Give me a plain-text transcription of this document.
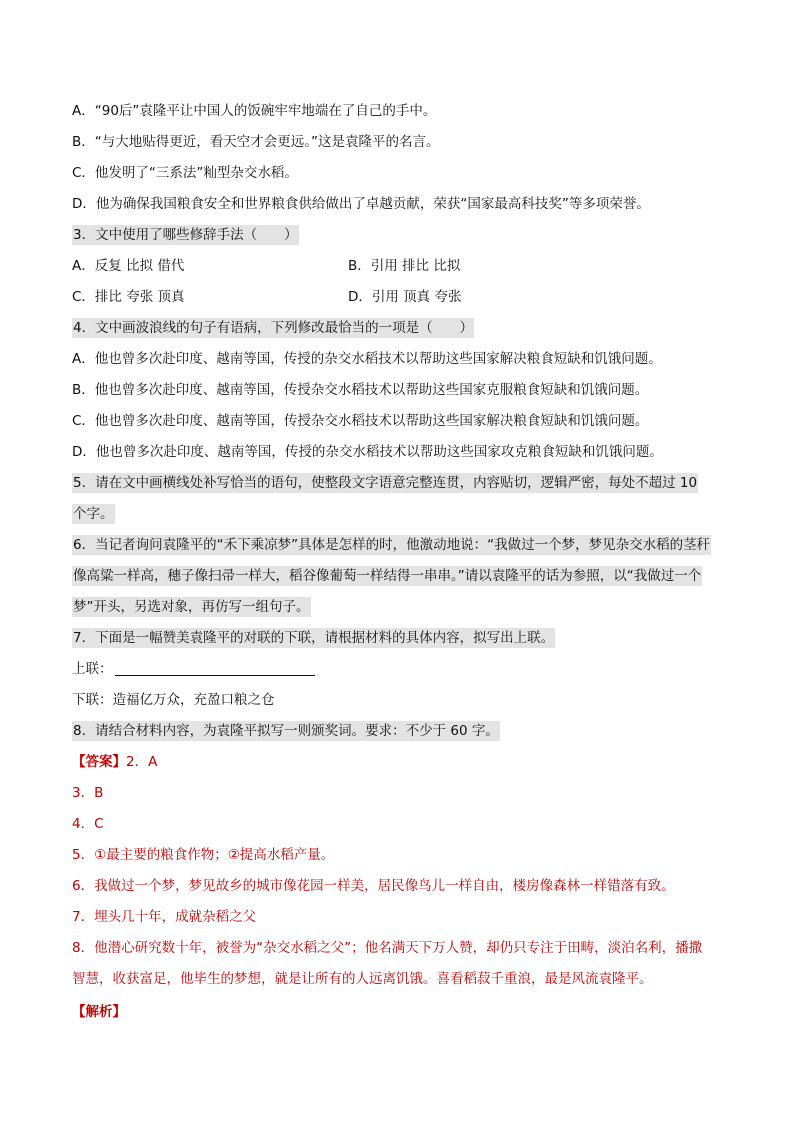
A．“90后”袁隆平让中国人的饭碗牢牢地端在了自己的手中。
B．“与大地贴得更近，看天空才会更远。”这是袁隆平的名言。
C．他发明了“三系法”籼型杂交水稻。
D．他为确保我国粮食安全和世界粮食供给做出了卓越贡献，荣获“国家最高科技奖”等多项荣誉。
3．文中使用了哪些修辞手法（　　）
A．反复 比拟 借代	B．引用 排比 比拟
C．排比 夸张 顶真	D．引用 顶真 夸张
4．文中画波浪线的句子有语病，下列修改最恰当的一项是（　　）
A．他也曾多次赴印度、越南等国，传授的杂交水稻技术以帮助这些国家解决粮食短缺和饥饿问题。
B．他也曾多次赴印度、越南等国，传授杂交水稻技术以帮助这些国家克服粮食短缺和饥饿问题。
C．他也曾多次赴印度、越南等国，传授杂交水稻技术以帮助这些国家解决粮食短缺和饥饿问题。
D．他也曾多次赴印度、越南等国，传授的杂交水稻技术以帮助这些国家攻克粮食短缺和饥饿问题。
5．请在文中画横线处补写恰当的语句，使整段文字语意完整连贯，内容贴切，逻辑严密，每处不超过 10
个字。
6．当记者询问袁隆平的“禾下乘凉梦”具体是怎样的时，他激动地说：“我做过一个梦，梦见杂交水稻的茎秆
像高粱一样高，穗子像扫帚一样大，稻谷像葡萄一样结得一串串。”请以袁隆平的话为参照，以“我做过一个
梦”开头，另选对象，再仿写一组句子。
7．下面是一幅赞美袁隆平的对联的下联，请根据材料的具体内容，拟写出上联。
上联：
下联：造福亿万众，充盈口粮之仓
8．请结合材料内容，为袁隆平拟写一则颁奖词。要求：不少于 60 字。
【答案】2．A
3．B
4．C
5．①最主要的粮食作物；②提高水稻产量。
6．我做过一个梦，梦见故乡的城市像花园一样美，居民像鸟儿一样自由，楼房像森林一样错落有致。
7．埋头几十年，成就杂稻之父
8．他潜心研究数十年，被誉为“杂交水稻之父”；他名满天下万人赞，却仍只专注于田畴，淡泊名利，播撒
智慧，收获富足，他毕生的梦想，就是让所有的人远离饥饿。喜看稻菽千重浪，最是风流袁隆平。
【解析】
